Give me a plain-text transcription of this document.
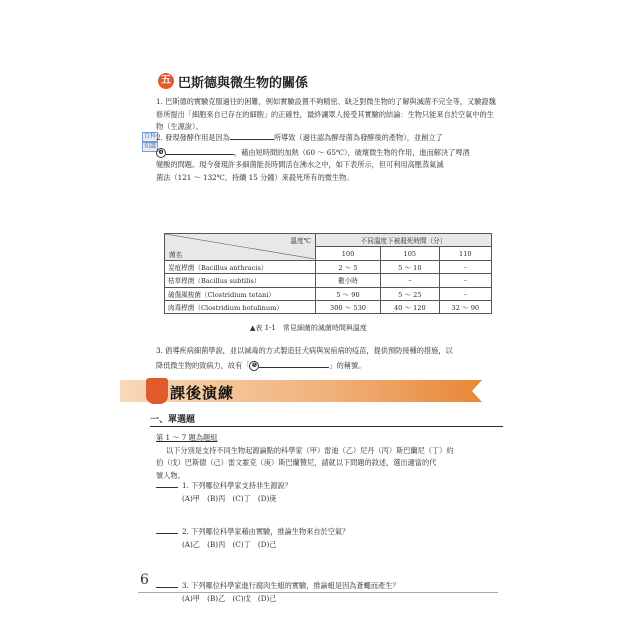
五 巴斯德與微生物的關係
1. 巴斯德的實驗克服過往的困難，例如實驗設置不夠精密、缺乏對微生物的了解與滅菌不完全等，又驗證魏修所提出「細胞來自已存在的細胞」的正確性，最終讓眾人接受其實驗的結論：生物只能來自於空氣中的生物（生源說）。
百科
知識
2. 發現發酵作用是因為	所導致（過往認為酵母菌為發酵後的產物），並創立了
❹	，藉由短時間的加熱（60 ～ 65℃），破壞微生物的作用，進而解決了啤酒
變酸的問題。現今發現許多細菌能長時間活在沸水之中，如下表所示，但可利用高壓蒸氣滅
菌法（121 ～ 132℃，持續 15 分鐘）來殺死所有的微生物。
溫度℃
菌名	不同溫度下被殺死時間（分）		
	100	105	110
炭疽桿菌（Bacillus anthracis）	2 ～ 5	5 ～ 10	–
枯草桿菌（Bacillus subtilis）	數小時	–	–
破傷風梭菌（Clostridium tetani）	5 ～ 90	5 ～ 25	–
肉毒桿菌（Clostridium botulinum）	300 ～ 530	40 ～ 120	32 ～ 90
▲表 1-1　常見細菌的滅菌時間與溫度
3. 倡導疾病細菌學說，並以減毒的方式製造狂犬病與炭疽病的疫苗，提供預防接種的措施，以
降低微生物的致病力，故有「 ❺	」的稱號。
課後演練
一、單選題
第 1 ～ 7 題為題組
以下分別是支持不同生物起源論點的科學家（甲）雷迪（乙）尼丹（丙）斯巴蘭尼（丁）約
伯（戊）巴斯德（己）雷文霍克（庚）斯巴蘭贊尼，請就以下問題的敘述，選出適當的代
號人物。
1. 下列哪位科學家支持非生源說？
(A)甲　(B)丙　(C)丁　(D)庚
2. 下列哪位科學家藉由實驗，推論生物來自於空氣？
(A)乙　(B)丙　(C)丁　(D)己
3. 下列哪位科學家進行腐肉生蛆的實驗，推論蛆是因為蒼蠅而產生？
(A)甲　(B)乙　(C)戊　(D)己
6
